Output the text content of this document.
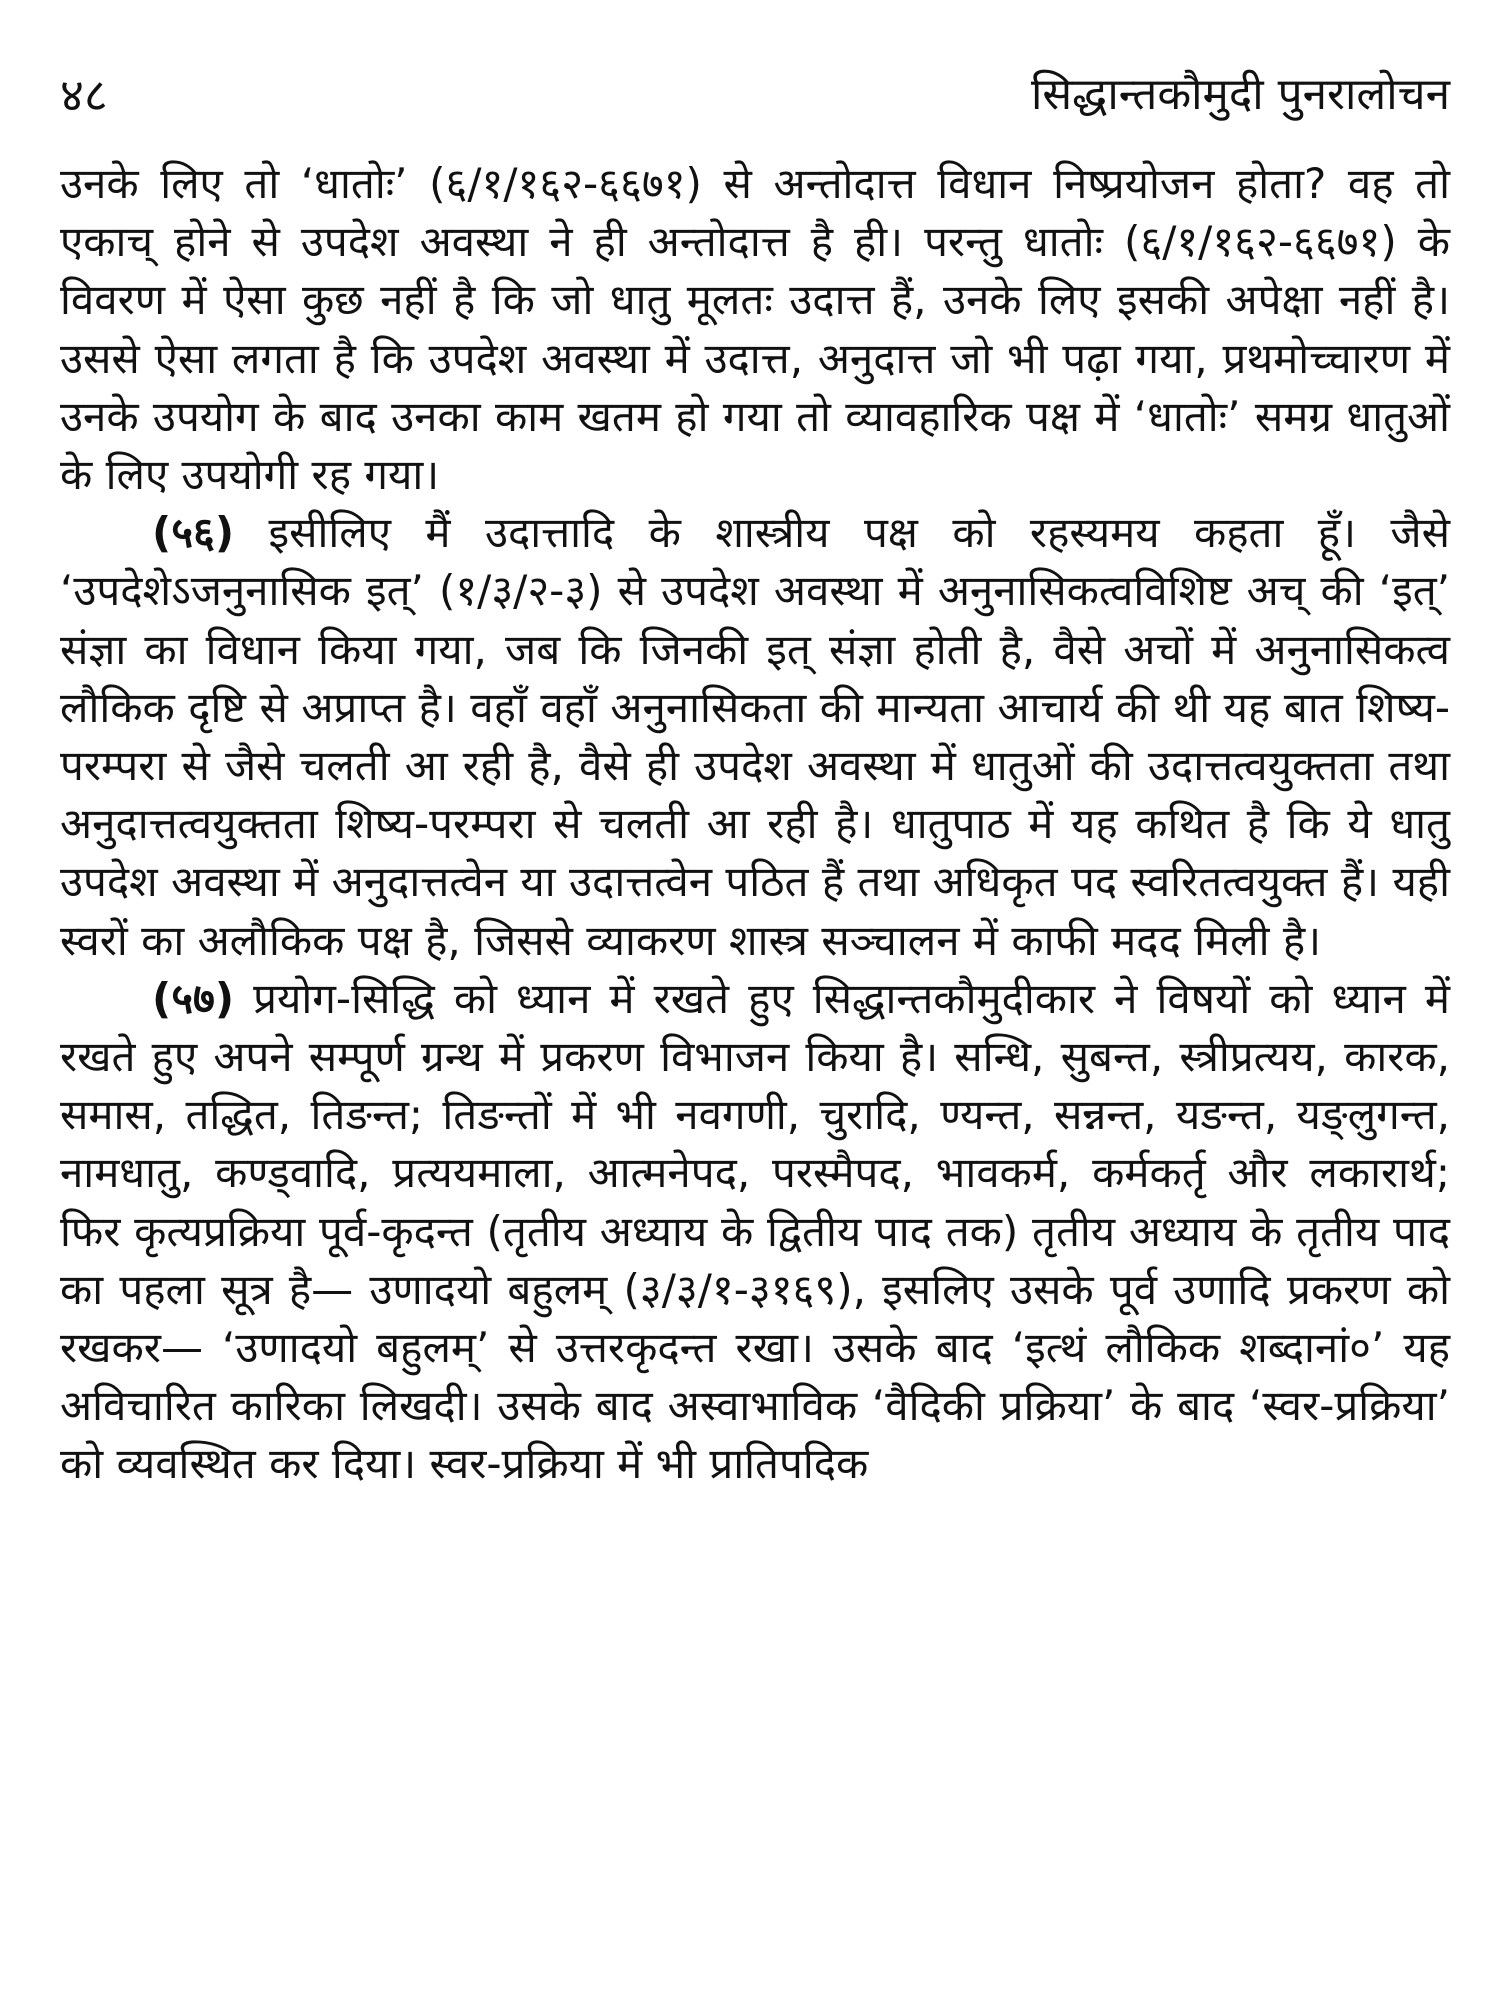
४८	सिद्धान्तकौमुदी पुनरालोचन

उनके लिए तो ‘धातोः’ (६/१/१६२-६६७१) से अन्तोदात्त विधान निष्प्रयोजन होता? वह तो एकाच् होने से उपदेश अवस्था ने ही अन्तोदात्त है ही। परन्तु धातोः (६/१/१६२-६६७१) के विवरण में ऐसा कुछ नहीं है कि जो धातु मूलतः उदात्त हैं, उनके लिए इसकी अपेक्षा नहीं है। उससे ऐसा लगता है कि उपदेश अवस्था में उदात्त, अनुदात्त जो भी पढ़ा गया, प्रथमोच्चारण में उनके उपयोग के बाद उनका काम खतम हो गया तो व्यावहारिक पक्ष में ‘धातोः’ समग्र धातुओं के लिए उपयोगी रह गया।

(५६) इसीलिए मैं उदात्तादि के शास्त्रीय पक्ष को रहस्यमय कहता हूँ। जैसे ‘उपदेशेऽजनुनासिक इत्’ (१/३/२-३) से उपदेश अवस्था में अनुनासिकत्वविशिष्ट अच् की ‘इत्’ संज्ञा का विधान किया गया, जब कि जिनकी इत् संज्ञा होती है, वैसे अचों में अनुनासिकत्व लौकिक दृष्टि से अप्राप्त है। वहाँ वहाँ अनुनासिकता की मान्यता आचार्य की थी यह बात शिष्य-परम्परा से जैसे चलती आ रही है, वैसे ही उपदेश अवस्था में धातुओं की उदात्तत्वयुक्तता तथा अनुदात्तत्वयुक्तता शिष्य-परम्परा से चलती आ रही है। धातुपाठ में यह कथित है कि ये धातु उपदेश अवस्था में अनुदात्तत्वेन या उदात्तत्वेन पठित हैं तथा अधिकृत पद स्वरितत्वयुक्त हैं। यही स्वरों का अलौकिक पक्ष है, जिससे व्याकरण शास्त्र सञ्चालन में काफी मदद मिली है।

(५७) प्रयोग-सिद्धि को ध्यान में रखते हुए सिद्धान्तकौमुदीकार ने विषयों को ध्यान में रखते हुए अपने सम्पूर्ण ग्रन्थ में प्रकरण विभाजन किया है। सन्धि, सुबन्त, स्त्रीप्रत्यय, कारक, समास, तद्धित, तिङन्त; तिङन्तों में भी नवगणी, चुरादि, ण्यन्त, सन्नन्त, यङन्त, यङ्लुगन्त, नामधातु, कण्ड्वादि, प्रत्ययमाला, आत्मनेपद, परस्मैपद, भावकर्म, कर्मकर्तृ और लकारार्थ; फिर कृत्यप्रक्रिया पूर्व-कृदन्त (तृतीय अध्याय के द्वितीय पाद तक) तृतीय अध्याय के तृतीय पाद का पहला सूत्र है— उणादयो बहुलम् (३/३/१-३१६९), इसलिए उसके पूर्व उणादि प्रकरण को रखकर— ‘उणादयो बहुलम्’ से उत्तरकृदन्त रखा। उसके बाद ‘इत्थं लौकिक शब्दानां०’ यह अविचारित कारिका लिखदी। उसके बाद अस्वाभाविक ‘वैदिकी प्रक्रिया’ के बाद ‘स्वर-प्रक्रिया’ को व्यवस्थित कर दिया। स्वर-प्रक्रिया में भी प्रातिपदिक
